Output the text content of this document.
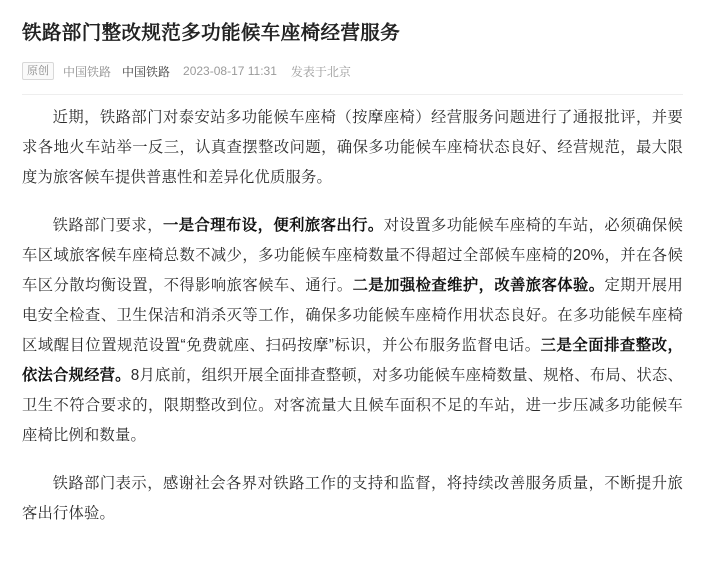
铁路部门整改规范多功能候车座椅经营服务
原创	中国铁路 中国铁路 2023-08-17 11:31 发表于北京

近期，铁路部门对泰安站多功能候车座椅（按摩座椅）经营服务问题进行了通报批评，并要求各地火车站举一反三，认真查摆整改问题，确保多功能候车座椅状态良好、经营规范，最大限度为旅客候车提供普惠性和差异化优质服务。

铁路部门要求，一是合理布设，便利旅客出行。对设置多功能候车座椅的车站，必须确保候车区域旅客候车座椅总数不减少，多功能候车座椅数量不得超过全部候车座椅的20%，并在各候车区分散均衡设置，不得影响旅客候车、通行。二是加强检查维护，改善旅客体验。定期开展用电安全检查、卫生保洁和消杀灭等工作，确保多功能候车座椅作用状态良好。在多功能候车座椅区域醒目位置规范设置“免费就座、扫码按摩”标识，并公布服务监督电话。三是全面排查整改，依法合规经营。8月底前，组织开展全面排查整顿，对多功能候车座椅数量、规格、布局、状态、卫生不符合要求的，限期整改到位。对客流量大且候车面积不足的车站，进一步压减多功能候车座椅比例和数量。

铁路部门表示，感谢社会各界对铁路工作的支持和监督，将持续改善服务质量，不断提升旅客出行体验。
